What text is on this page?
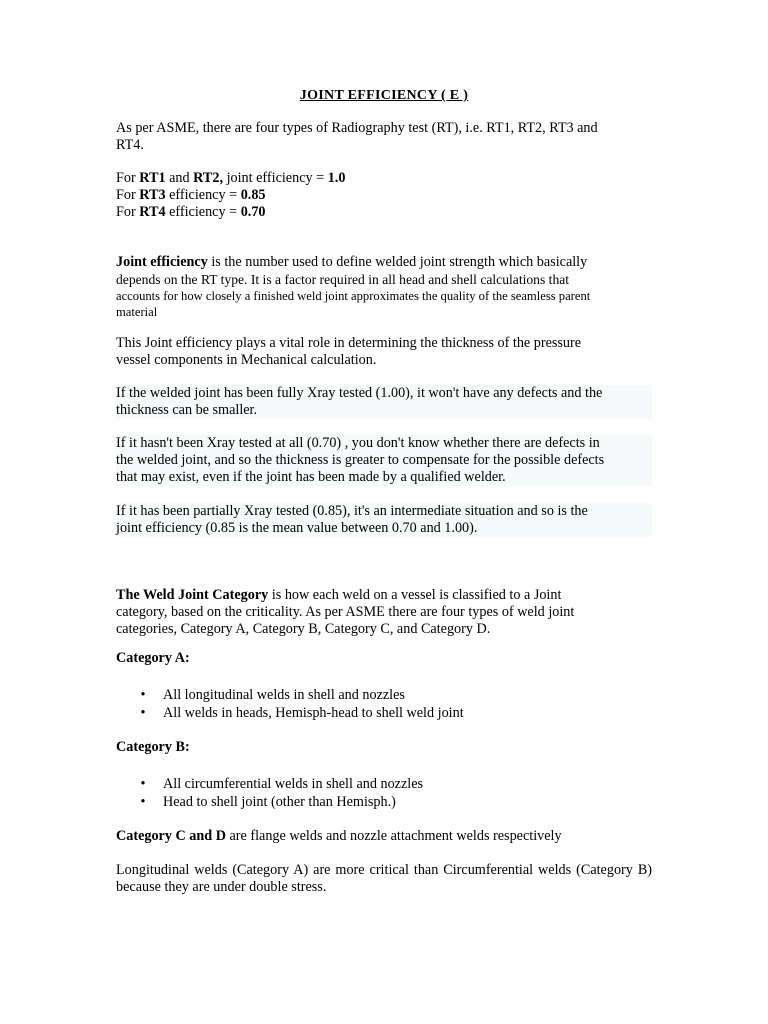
JOINT EFFICIENCY ( E )

As per ASME, there are four types of Radiography test (RT), i.e. RT1, RT2, RT3 and
RT4.

For RT1 and RT2, joint efficiency = 1.0
For RT3 efficiency = 0.85
For RT4 efficiency = 0.70

Joint efficiency is the number used to define welded joint strength which basically
depends on the RT type. It is a factor required in all head and shell calculations that

accounts for how closely a finished weld joint approximates the quality of the seamless parent
material

This Joint efficiency plays a vital role in determining the thickness of the pressure
vessel components in Mechanical calculation.

If the welded joint has been fully Xray tested (1.00), it won't have any defects and the
thickness can be smaller.

If it hasn't been Xray tested at all (0.70) , you don't know whether there are defects in
the welded joint, and so the thickness is greater to compensate for the possible defects
that may exist, even if the joint has been made by a qualified welder.

If it has been partially Xray tested (0.85), it's an intermediate situation and so is the
joint efficiency (0.85 is the mean value between 0.70 and 1.00).

The Weld Joint Category is how each weld on a vessel is classified to a Joint
category, based on the criticality. As per ASME there are four types of weld joint
categories, Category A, Category B, Category C, and Category D.

Category A:

• All longitudinal welds in shell and nozzles
• All welds in heads, Hemisph-head to shell weld joint

Category B:

• All circumferential welds in shell and nozzles
• Head to shell joint (other than Hemisph.)

Category C and D are flange welds and nozzle attachment welds respectively

Longitudinal welds (Category A) are more critical than Circumferential welds (Category B) because they are under double stress.
